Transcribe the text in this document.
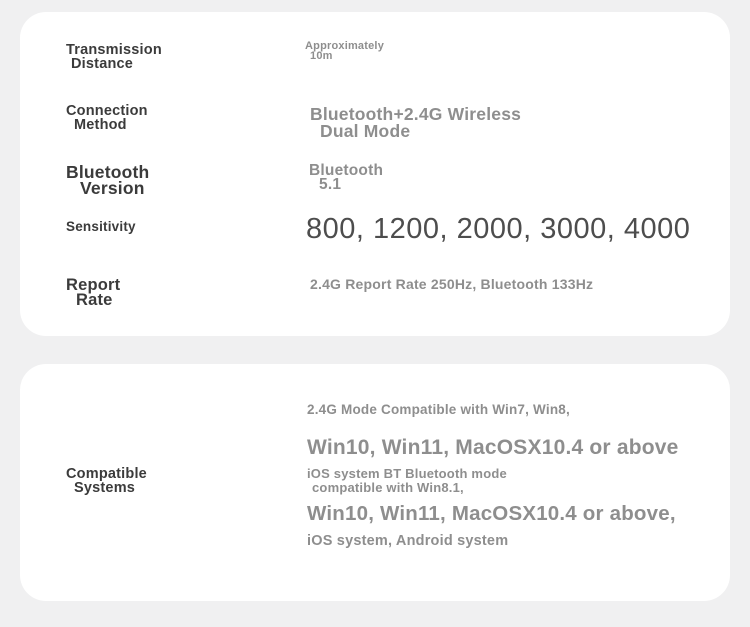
Transmission
Distance
Approximately
10m
Connection
Method
Bluetooth+2.4G Wireless
Dual Mode
Bluetooth
Version
Bluetooth
5.1
Sensitivity	800, 1200, 2000, 3000, 4000
Report
Rate
2.4G Report Rate 250Hz, Bluetooth 133Hz
Compatible
Systems
2.4G Mode Compatible with Win7, Win8,
Win10, Win11, MacOSX10.4 or above
iOS system BT Bluetooth mode
compatible with Win8.1,
Win10, Win11, MacOSX10.4 or above,
iOS system, Android system
